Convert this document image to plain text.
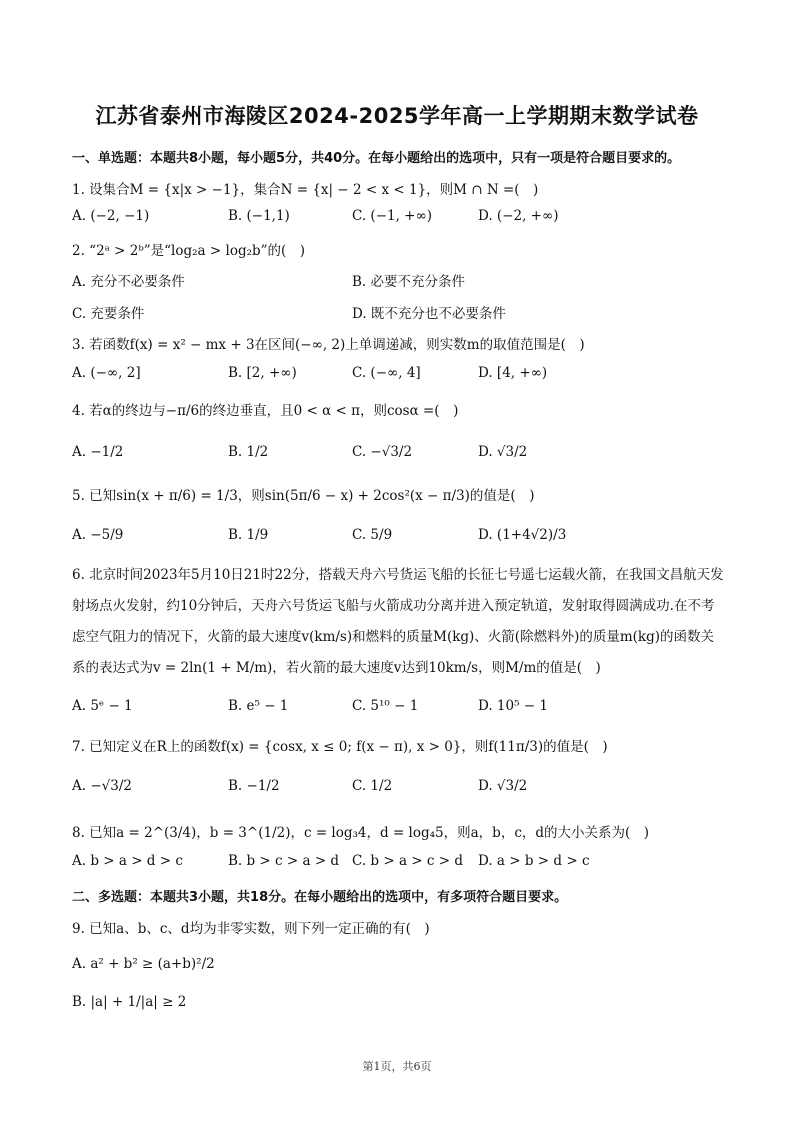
江苏省泰州市海陵区2024-2025学年高一上学期期末数学试卷
一、单选题：本题共8小题，每小题5分，共40分。在每小题给出的选项中，只有一项是符合题目要求的。
1. 设集合M = {x|x > −1}，集合N = {x| − 2 < x < 1}，则M ∩ N =(　)
A. (−2, −1)	B. (−1,1)	C. (−1, +∞)	D. (−2, +∞)
2. “2ᵃ > 2ᵇ”是“log₂a > log₂b”的(　)
A. 充分不必要条件	B. 必要不充分条件
C. 充要条件	D. 既不充分也不必要条件
3. 若函数f(x) = x² − mx + 3在区间(−∞, 2)上单调递减，则实数m的取值范围是(　)
A. (−∞, 2]	B. [2, +∞)	C. (−∞, 4]	D. [4, +∞)
4. 若α的终边与−π/6的终边垂直，且0 < α < π，则cosα =(　)
A. −1/2	B. 1/2	C. −√3/2	D. √3/2
5. 已知sin(x + π/6) = 1/3，则sin(5π/6 − x) + 2cos²(x − π/3)的值是(　)
A. −5/9	B. 1/9	C. 5/9	D. (1+4√2)/3
6. 北京时间2023年5月10日21时22分，搭载天舟六号货运飞船的长征七号遥七运载火箭，在我国文昌航天发射场点火发射，约10分钟后，天舟六号货运飞船与火箭成功分离并进入预定轨道，发射取得圆满成功.在不考虑空气阻力的情况下，火箭的最大速度v(km/s)和燃料的质量M(kg)、火箭(除燃料外)的质量m(kg)的函数关系的表达式为v = 2ln(1 + M/m)，若火箭的最大速度v达到10km/s，则M/m的值是(　)
A. 5ᵉ − 1	B. e⁵ − 1	C. 5¹⁰ − 1	D. 10⁵ − 1
7. 已知定义在R上的函数f(x) = {cosx, x ≤ 0; f(x − π), x > 0}，则f(11π/3)的值是(　)
A. −√3/2	B. −1/2	C. 1/2	D. √3/2
8. 已知a = 2^(3/4)，b = 3^(1/2)，c = log₃4，d = log₄5，则a，b，c，d的大小关系为(　)
A. b > a > d > c	B. b > c > a > d C. b > a > c > d D. a > b > d > c
二、多选题：本题共3小题，共18分。在每小题给出的选项中，有多项符合题目要求。
9. 已知a、b、c、d均为非零实数，则下列一定正确的有(　)
A. a² + b² ≥ (a+b)²/2
B. |a| + 1/|a| ≥ 2
第1页，共6页
